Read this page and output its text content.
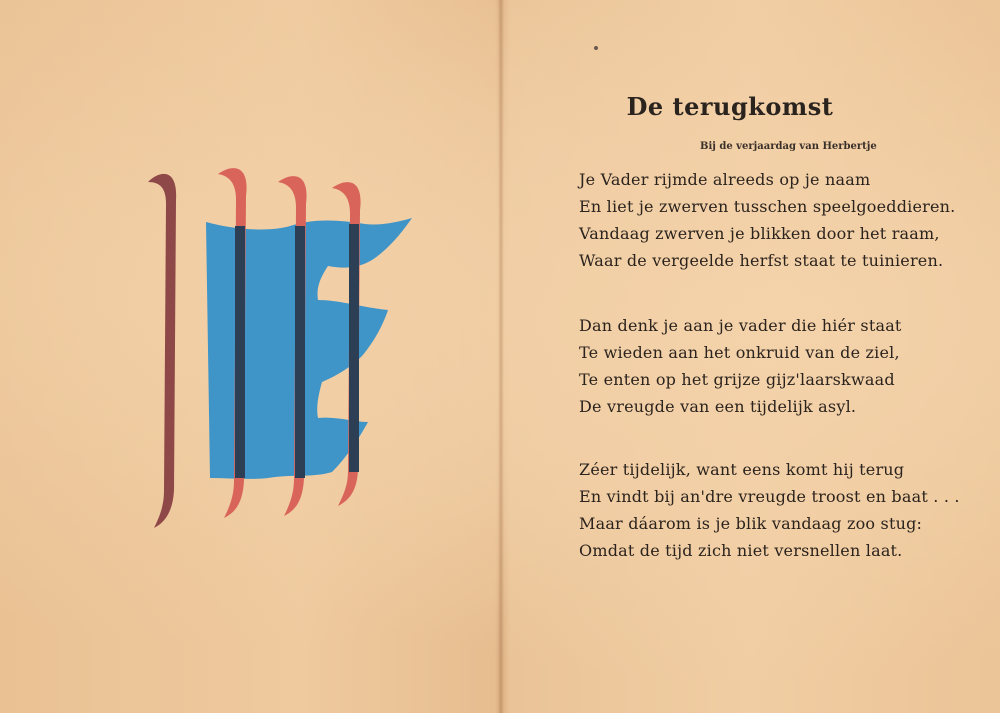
De terugkomst

Bij de verjaardag van Herbertje

Je Vader rijmde alreeds op je naam
En liet je zwerven tusschen speelgoeddieren.
Vandaag zwerven je blikken door het raam,
Waar de vergeelde herfst staat te tuinieren.
Dan denk je aan je vader die hiér staat
Te wieden aan het onkruid van de ziel,
Te enten op het grijze gijz'laarskwaad
De vreugde van een tijdelijk asyl.
Zéer tijdelijk, want eens komt hij terug
En vindt bij an'dre vreugde troost en baat . . .
Maar dáarom is je blik vandaag zoo stug:
Omdat de tijd zich niet versnellen laat.
